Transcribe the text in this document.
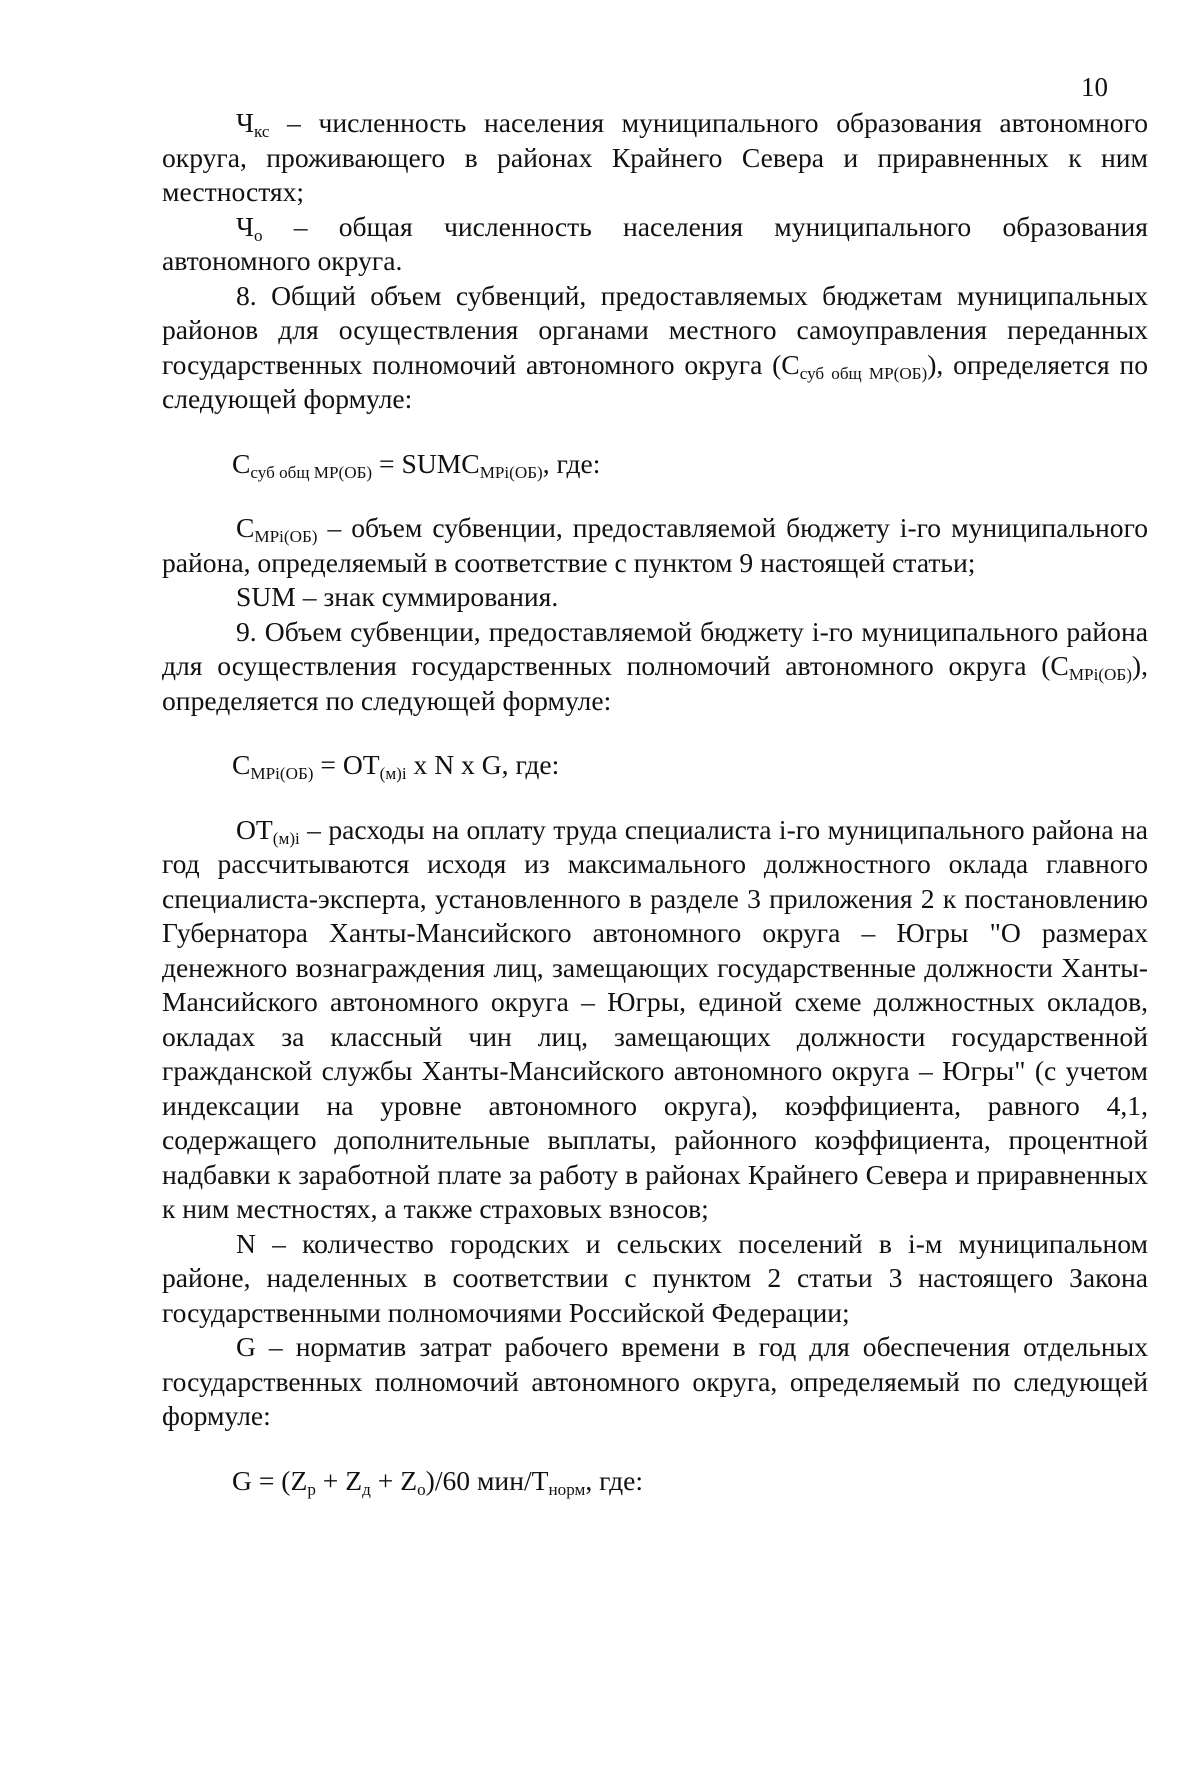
10

$Ч_{кс}$ – численность населения муниципального образования автономного округа, проживающего в районах Крайнего Севера и приравненных к ним местностях;

$Ч_о$ – общая численность населения муниципального образования автономного округа.

8. Общий объем субвенций, предоставляемых бюджетам муниципальных районов для осуществления органами местного самоуправления переданных государственных полномочий автономного округа $(С_{суб общ МР(ОБ)})$, определяется по следующей формуле:

$С_{суб общ МР(ОБ)}$ = $SUMС_{МРi(ОБ)}$, где:

$С_{МРi(ОБ)}$ – объем субвенции, предоставляемой бюджету i-го муниципального района, определяемый в соответствие с пунктом 9 настоящей статьи;

SUM – знак суммирования.

9. Объем субвенции, предоставляемой бюджету i-го муниципального района для осуществления государственных полномочий автономного округа $(С_{МРi(ОБ)})$, определяется по следующей формуле:

$С_{МРi(ОБ)} = ОТ_{(м)i}$ x N x G, где:

$ОТ_{(м)i}$ – расходы на оплату труда специалиста i-го муниципального района на год рассчитываются исходя из максимального должностного оклада главного специалиста-эксперта, установленного в разделе 3 приложения 2 к постановлению Губернатора Ханты-Мансийского автономного округа – Югры "О размерах денежного вознаграждения лиц, замещающих государственные должности Ханты-Мансийского автономного округа – Югры, единой схеме должностных окладов, окладах за классный чин лиц, замещающих должности государственной гражданской службы Ханты-Мансийского автономного округа – Югры" (с учетом индексации на уровне автономного округа), коэффициента, равного 4,1, содержащего дополнительные выплаты, районного коэффициента, процентной надбавки к заработной плате за работу в районах Крайнего Севера и приравненных к ним местностях, а также страховых взносов;

N – количество городских и сельских поселений в i-м муниципальном районе, наделенных в соответствии с пунктом 2 статьи 3 настоящего Закона государственными полномочиями Российской Федерации;

G – норматив затрат рабочего времени в год для обеспечения отдельных государственных полномочий автономного округа, определяемый по следующей формуле:

$G = (Z_р + Z_д + Z_о)/60$ мин/$Т_{норм}$, где:
